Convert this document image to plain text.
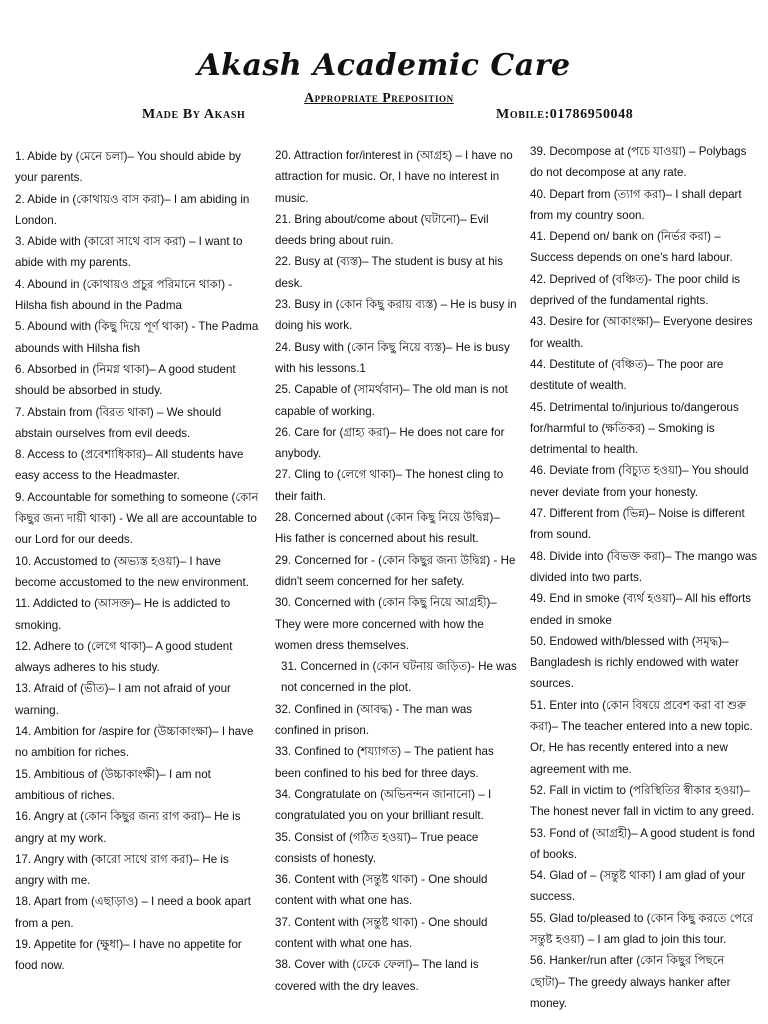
Akash Academic Care
Appropriate Preposition
Made By Akash	Mobile:01786950048

1. Abide by (মেনে চলা)– You should abide by your parents.

2. Abide in (কোথায়ও বাস করা)– I am abiding in London.

3. Abide with (কারো সাথে বাস করা) – I want to abide with my parents.

4. Abound in (কোথায়ও প্রচুর পরিমানে থাকা) - Hilsha fish abound in the Padma

5. Abound with (কিছু দিয়ে পূর্ণ থাকা) - The Padma abounds with Hilsha fish

6. Absorbed in (নিমগ্ন থাকা)– A good student should be absorbed in study.

7. Abstain from (বিরত থাকা) – We should abstain ourselves from evil deeds.

8. Access to (প্রবেশাধিকার)– All students have easy access to the Headmaster.

9. Accountable for something to someone (কোন কিছুর জন্য দায়ী থাকা) - We all are accountable to our Lord for our deeds.

10. Accustomed to (অভ্যস্ত হওয়া)– I have become accustomed to the new environment.

11. Addicted to (আসক্ত)– He is addicted to smoking.

12. Adhere to (লেগে থাকা)– A good student always adheres to his study.

13. Afraid of (ভীত)– I am not afraid of your warning.

14. Ambition for /aspire for (উচ্চাকাংক্ষা)– I have no ambition for riches.

15. Ambitious of (উচ্চাকাংক্ষী)– I am not ambitious of riches.

16. Angry at (কোন কিছুর জন্য রাগ করা)– He is angry at my work.

17. Angry with (কারো সাথে রাগ করা)– He is angry with me.

18. Apart from (এছাড়াও) – I need a book apart from a pen.

19. Appetite for (ক্ষুধা)– I have no appetite for food now.

20. Attraction for/interest in (আগ্রহ) – I have no attraction for music. Or, I have no interest in music.

21. Bring about/come about (ঘটানো)– Evil deeds bring about ruin.

22. Busy at (ব্যস্ত)– The student is busy at his desk.

23. Busy in (কোন কিছু করায় ব্যস্ত) – He is busy in doing his work.

24. Busy with (কোন কিছু নিয়ে ব্যস্ত)– He is busy with his lessons.1

25. Capable of (সামর্থবান)– The old man is not capable of working.

26. Care for (গ্রাহ্য করা)– He does not care for anybody.

27. Cling to (লেগে থাকা)– The honest cling to their faith.

28. Concerned about (কোন কিছু নিয়ে উদ্বিগ্ন)– His father is concerned about his result.

29. Concerned for - (কোন কিছুর জন্য উদ্বিগ্ন) - He didn't seem concerned for her safety.

30. Concerned with (কোন কিছু নিয়ে আগ্রহী)– They were more concerned with how the women dress themselves.

31. Concerned in (কোন ঘটনায় জড়িত)- He was not concerned in the plot.

32. Confined in (আবদ্ধ) - The man was confined in prison.

33. Confined to (শয্যাগত) – The patient has been confined to his bed for three days.

34. Congratulate on (অভিনন্দন জানানো) – I congratulated you on your brilliant result.

35. Consist of (গঠিত হওয়া)– True peace consists of honesty.

36. Content with (সন্তুষ্ট থাকা) - One should content with what one has.

37. Content with (সন্তুষ্ট থাকা) - One should content with what one has.

38. Cover with (ঢেকে ফেলা)– The land is covered with the dry leaves.

39. Decompose at (পচে যাওয়া) – Polybags do not decompose at any rate.

40. Depart from (ত্যাগ করা)– I shall depart from my country soon.

41. Depend on/ bank on (নির্ভর করা) – Success depends on one's hard labour.

42. Deprived of (বঞ্চিত)- The poor child is deprived of the fundamental rights.

43. Desire for (আকাংক্ষা)– Everyone desires for wealth.

44. Destitute of (বঞ্চিত)– The poor are destitute of wealth.

45. Detrimental to/injurious to/dangerous for/harmful to (ক্ষতিকর) – Smoking is detrimental to health.

46. Deviate from (বিচ্যুত হওয়া)– You should never deviate from your honesty.

47. Different from (ভিন্ন)– Noise is different from sound.

48. Divide into (বিভক্ত করা)– The mango was divided into two parts.

49. End in smoke (ব্যর্থ হওয়া)– All his efforts ended in smoke

50. Endowed with/blessed with (সমৃদ্ধ)– Bangladesh is richly endowed with water sources.

51. Enter into (কোন বিষয়ে প্রবেশ করা বা শুরু করা)– The teacher entered into a new topic. Or, He has recently entered into a new agreement with me.

52. Fall in victim to (পরিস্থিতির স্বীকার হওয়া)– The honest never fall in victim to any greed.

53. Fond of (আগ্রহী)– A good student is fond of books.

54. Glad of – (সন্তুষ্ট থাকা) I am glad of your success.

55. Glad to/pleased to (কোন কিছু করতে পেরে সন্তুষ্ট হওয়া) – I am glad to join this tour.

56. Hanker/run after (কোন কিছুর পিছনে ছোটা)– The greedy always hanker after money.
